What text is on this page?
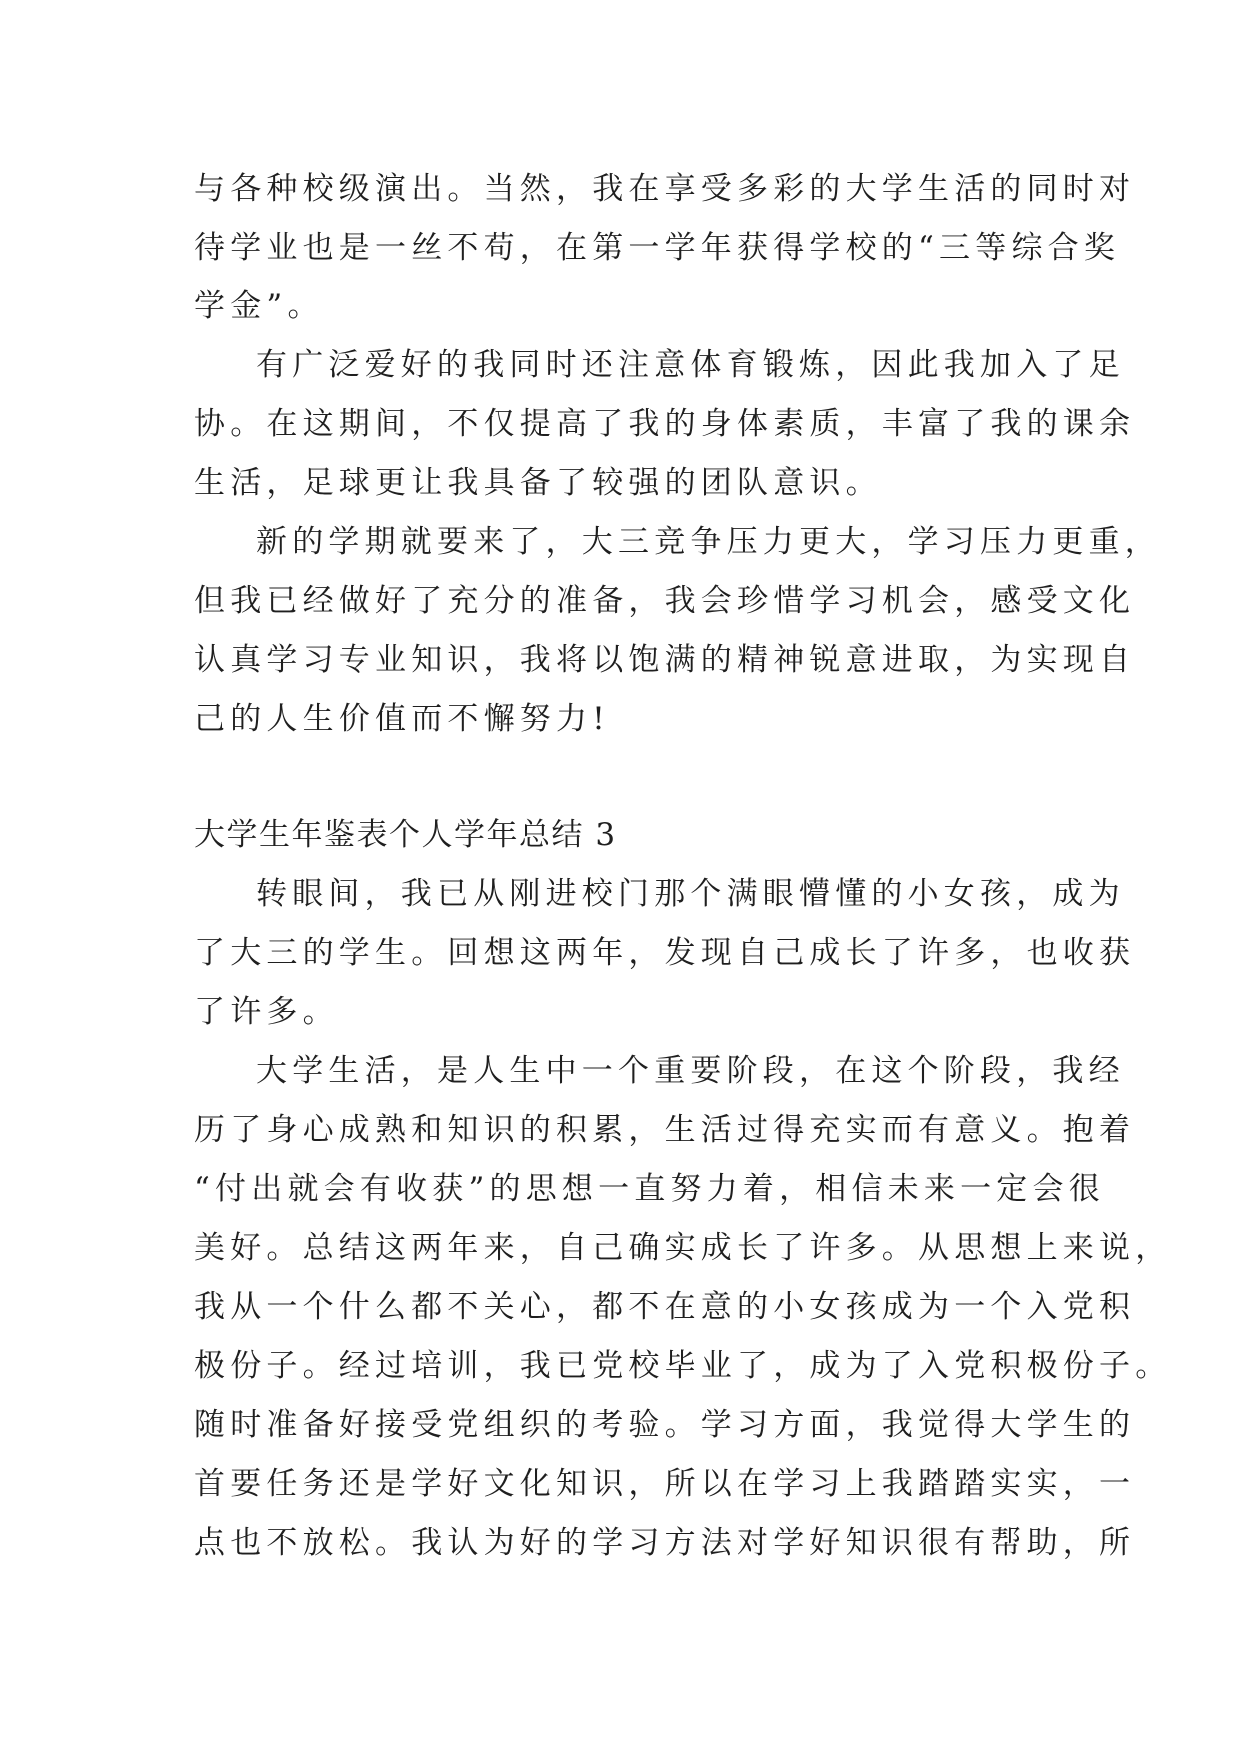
与各种校级演出。当然，我在享受多彩的大学生活的同时对
待学业也是一丝不苟，在第一学年获得学校的“三等综合奖
学金”。
有广泛爱好的我同时还注意体育锻炼，因此我加入了足
协。在这期间，不仅提高了我的身体素质，丰富了我的课余
生活，足球更让我具备了较强的团队意识。
新的学期就要来了，大三竞争压力更大，学习压力更重，
但我已经做好了充分的准备，我会珍惜学习机会，感受文化
认真学习专业知识，我将以饱满的精神锐意进取，为实现自
己的人生价值而不懈努力!
大学生年鉴表个人学年总结 3
转眼间，我已从刚进校门那个满眼懵懂的小女孩，成为
了大三的学生。回想这两年，发现自己成长了许多，也收获
了许多。
大学生活，是人生中一个重要阶段，在这个阶段，我经
历了身心成熟和知识的积累，生活过得充实而有意义。抱着
“付出就会有收获”的思想一直努力着，相信未来一定会很
美好。总结这两年来，自己确实成长了许多。从思想上来说，
我从一个什么都不关心，都不在意的小女孩成为一个入党积
极份子。经过培训，我已党校毕业了，成为了入党积极份子。
随时准备好接受党组织的考验。学习方面，我觉得大学生的
首要任务还是学好文化知识，所以在学习上我踏踏实实，一
点也不放松。我认为好的学习方法对学好知识很有帮助，所
